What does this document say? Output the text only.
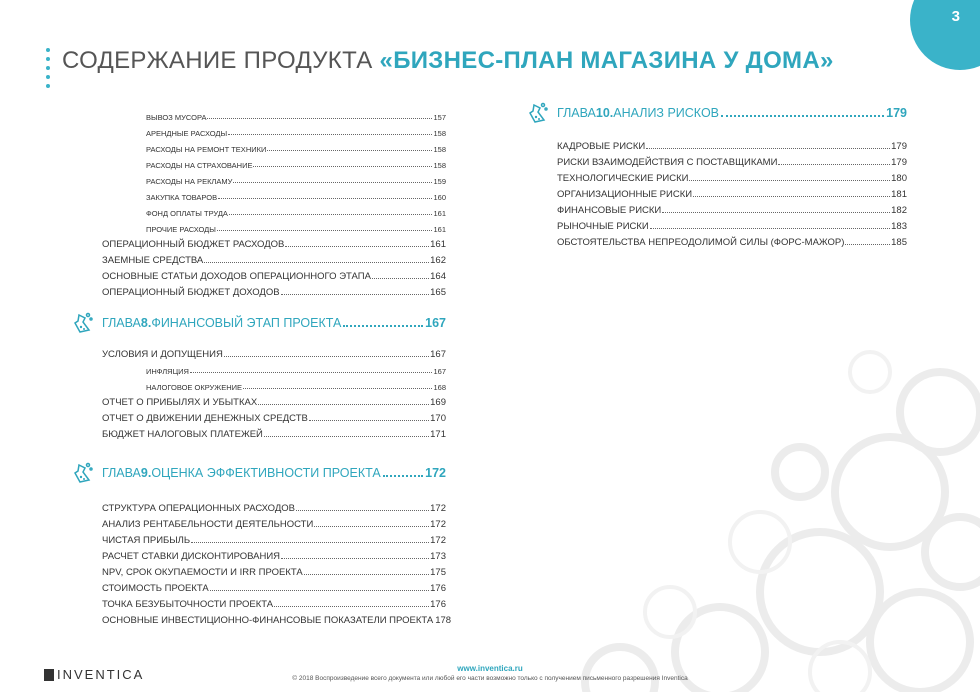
3
СОДЕРЖАНИЕ ПРОДУКТА «БИЗНЕС-ПЛАН МАГАЗИНА У ДОМА»
ВЫВОЗ МУСОРА	157
АРЕНДНЫЕ РАСХОДЫ	158
РАСХОДЫ НА РЕМОНТ ТЕХНИКИ	158
РАСХОДЫ НА СТРАХОВАНИЕ	158
РАСХОДЫ НА РЕКЛАМУ	159
ЗАКУПКА ТОВАРОВ	160
ФОНД ОПЛАТЫ ТРУДА	161
ПРОЧИЕ РАСХОДЫ	161
ОПЕРАЦИОННЫЙ БЮДЖЕТ РАСХОДОВ	161
ЗАЕМНЫЕ СРЕДСТВА	162
ОСНОВНЫЕ СТАТЬИ ДОХОДОВ ОПЕРАЦИОННОГО ЭТАПА	164
ОПЕРАЦИОННЫЙ БЮДЖЕТ ДОХОДОВ	165
ГЛАВА 8. ФИНАНСОВЫЙ ЭТАП ПРОЕКТА	167
УСЛОВИЯ И ДОПУЩЕНИЯ	167
ИНФЛЯЦИЯ	167
НАЛОГОВОЕ ОКРУЖЕНИЕ	168
ОТЧЕТ О ПРИБЫЛЯХ И УБЫТКАХ	169
ОТЧЕТ О ДВИЖЕНИИ ДЕНЕЖНЫХ СРЕДСТВ	170
БЮДЖЕТ НАЛОГОВЫХ ПЛАТЕЖЕЙ	171
ГЛАВА 9. ОЦЕНКА ЭФФЕКТИВНОСТИ ПРОЕКТА	172
СТРУКТУРА ОПЕРАЦИОННЫХ РАСХОДОВ	172
АНАЛИЗ РЕНТАБЕЛЬНОСТИ ДЕЯТЕЛЬНОСТИ	172
ЧИСТАЯ ПРИБЫЛЬ	172
РАСЧЕТ СТАВКИ ДИСКОНТИРОВАНИЯ	173
NPV, СРОК ОКУПАЕМОСТИ И IRR ПРОЕКТА	175
СТОИМОСТЬ ПРОЕКТА	176
ТОЧКА БЕЗУБЫТОЧНОСТИ ПРОЕКТА	176
ОСНОВНЫЕ ИНВЕСТИЦИОННО-ФИНАНСОВЫЕ ПОКАЗАТЕЛИ ПРОЕКТА 178
ГЛАВА 10. АНАЛИЗ РИСКОВ	179
КАДРОВЫЕ РИСКИ	179
РИСКИ ВЗАИМОДЕЙСТВИЯ С ПОСТАВЩИКАМИ	179
ТЕХНОЛОГИЧЕСКИЕ РИСКИ	180
ОРГАНИЗАЦИОННЫЕ РИСКИ	181
ФИНАНСОВЫЕ РИСКИ	182
РЫНОЧНЫЕ РИСКИ	183
ОБСТОЯТЕЛЬСТВА НЕПРЕОДОЛИМОЙ СИЛЫ (ФОРС-МАЖОР)	185
INVENTICA	www.inventica.ru
© 2018 Воспроизведение всего документа или любой его части возможно только с получением письменного разрешения Inventica
